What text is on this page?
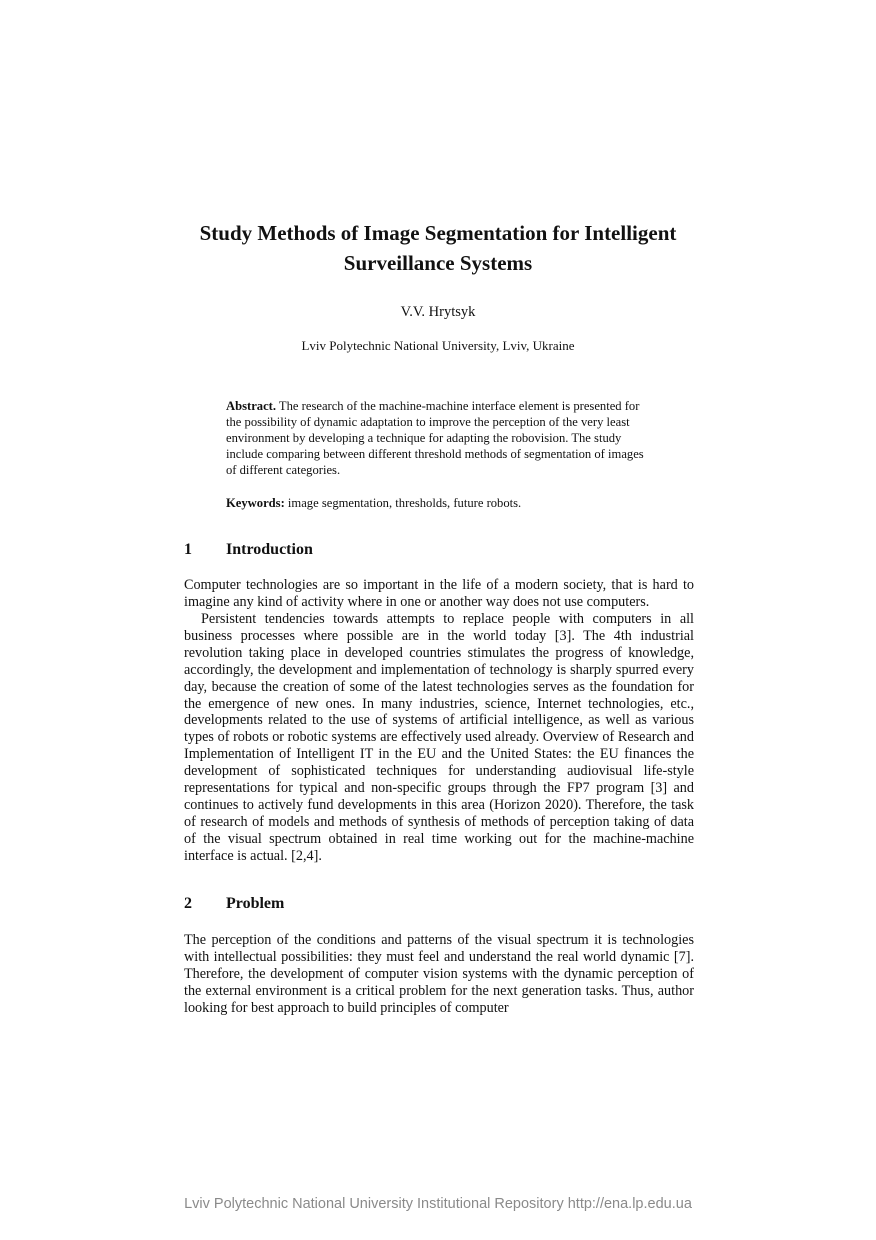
Study Methods of Image Segmentation for Intelligent
Surveillance Systems
V.V. Hrytsyk
Lviv Polytechnic National University, Lviv, Ukraine
Abstract. The research of the machine-machine interface element is presented for the possibility of dynamic adaptation to improve the perception of the very least environment by developing a technique for adapting the robovision. The study include comparing between different threshold methods of segmentation of images of different categories.
Keywords: image segmentation, thresholds, future robots.
1 Introduction

Computer technologies are so important in the life of a modern society, that is hard to imagine any kind of activity where in one or another way does not use computers.

Persistent tendencies towards attempts to replace people with computers in all business processes where possible are in the world today [3]. The 4th industrial revolution taking place in developed countries stimulates the progress of knowledge, accordingly, the development and implementation of technology is sharply spurred every day, because the creation of some of the latest technologies serves as the foundation for the emergence of new ones. In many industries, science, Internet technologies, etc., developments related to the use of systems of artificial intelligence, as well as various types of robots or robotic systems are effectively used already. Overview of Research and Implementation of Intelligent IT in the EU and the United States: the EU finances the development of sophisticated techniques for understanding audiovisual life-style representations for typical and non-specific groups through the FP7 program [3] and continues to actively fund developments in this area (Horizon 2020). Therefore, the task of research of models and methods of synthesis of methods of perception taking of data of the visual spectrum obtained in real time working out for the machine-machine interface is actual. [2,4].

2 Problem

The perception of the conditions and patterns of the visual spectrum it is technologies with intellectual possibilities: they must feel and understand the real world dynamic [7]. Therefore, the development of computer vision systems with the dynamic perception of the external environment is a critical problem for the next generation tasks. Thus, author looking for best approach to build principles of computer

Lviv Polytechnic National University Institutional Repository http://ena.lp.edu.ua
